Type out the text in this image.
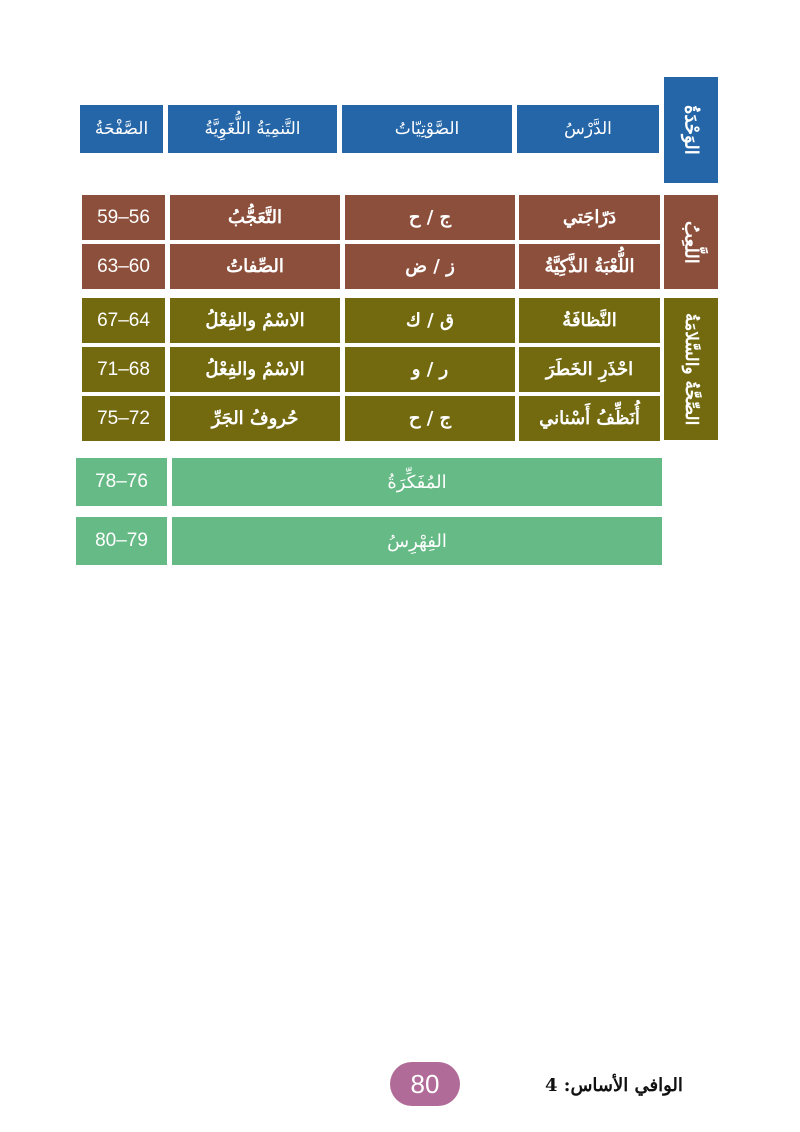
الوَحْدَةُ
الدَّرْسُ
الصَّوْتِيّاتُ
التَّنمِيَةُ اللُّغَوِيَّةُ
الصَّفْحَةُ
اللَّعِبُ
دَرّاجَتي
ج / ح
التَّعَجُّبُ
59–56
اللُّعْبَةُ الذَّكِيَّةُ
ز / ض
الصِّفاتُ
63–60
الصِّحَّةُ والسَّلامَةُ
النَّظافَةُ
ق / ك
الاسْمُ والفِعْلُ
67–64
احْذَرِ الخَطَرَ
ر / و
الاسْمُ والفِعْلُ
71–68
أُنَظِّفُ أَسْناني
ج / ح
حُروفُ الجَرِّ
75–72
المُفَكِّرَةُ
78–76
الفِهْرِسُ
80–79
الوافي الأساس: 4
80
